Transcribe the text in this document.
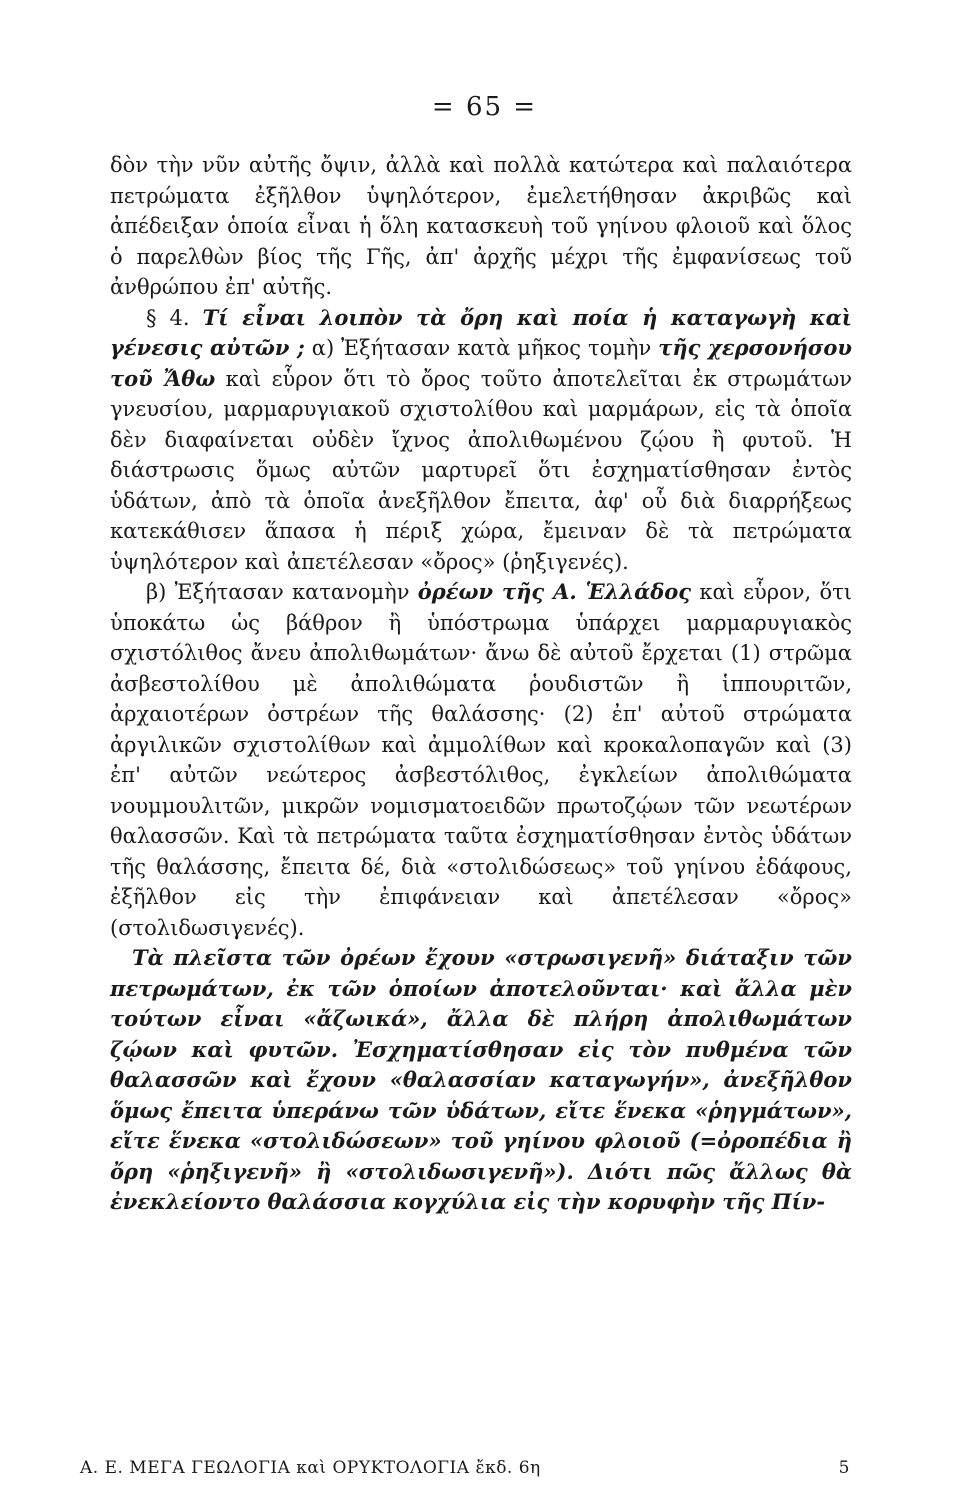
= 65 =

δὸν τὴν νῦν αὐτῆς ὄψιν, ἀλλὰ καὶ πολλὰ κατώτερα καὶ παλαιότερα πετρώματα ἐξῆλθον ὑψηλότερον, ἐμελετήθησαν ἀκριβῶς καὶ ἀπέδειξαν ὁποία εἶναι ἡ ὅλη κατασκευὴ τοῦ γηίνου φλοιοῦ καὶ ὅλος ὁ παρελθὼν βίος τῆς Γῆς, ἀπ' ἀρχῆς μέχρι τῆς ἐμφανίσεως τοῦ ἀνθρώπου ἐπ' αὐτῆς.

§ 4. Τί εἶναι λοιπὸν τὰ ὄρη καὶ ποία ἡ καταγωγὴ καὶ γένεσις αὐτῶν ; α) Ἐξήτασαν κατὰ μῆκος τομὴν τῆς χερσονήσου τοῦ Ἄθω καὶ εὗρον ὅτι τὸ ὄρος τοῦτο ἀποτελεῖται ἐκ στρωμάτων γνευσίου, μαρμαρυγιακοῦ σχιστολίθου καὶ μαρμάρων, εἰς τὰ ὁποῖα δὲν διαφαίνεται οὐδὲν ἴχνος ἀπολιθωμένου ζῴου ἢ φυτοῦ. Ἡ διάστρωσις ὅμως αὐτῶν μαρτυρεῖ ὅτι ἐσχηματίσθησαν ἐντὸς ὑδάτων, ἀπὸ τὰ ὁποῖα ἀνεξῆλθον ἔπειτα, ἀφ' οὗ διὰ διαρρήξεως κατεκάθισεν ἅπασα ἡ πέριξ χώρα, ἔμειναν δὲ τὰ πετρώματα ὑψηλότερον καὶ ἀπετέλεσαν «ὄρος» (ῥηξιγενές).

β) Ἐξήτασαν κατανομὴν ὀρέων τῆς Α. Ἑλλάδος καὶ εὗρον, ὅτι ὑποκάτω ὡς βάθρον ἢ ὑπόστρωμα ὑπάρχει μαρμαρυγιακὸς σχιστόλιθος ἄνευ ἀπολιθωμάτων· ἄνω δὲ αὐτοῦ ἔρχεται (1) στρῶμα ἀσβεστολίθου μὲ ἀπολιθώματα ῥουδιστῶν ἢ ἱππουριτῶν, ἀρχαιοτέρων ὀστρέων τῆς θαλάσσης· (2) ἐπ' αὐτοῦ στρώματα ἀργιλικῶν σχιστολίθων καὶ ἀμμολίθων καὶ κροκαλοπαγῶν καὶ (3) ἐπ' αὐτῶν νεώτερος ἀσβεστόλιθος, ἐγκλείων ἀπολιθώματα νουμμουλιτῶν, μικρῶν νομισματοειδῶν πρωτοζῴων τῶν νεωτέρων θαλασσῶν. Καὶ τὰ πετρώματα ταῦτα ἐσχηματίσθησαν ἐντὸς ὑδάτων τῆς θαλάσσης, ἔπειτα δέ, διὰ «στολιδώσεως» τοῦ γηίνου ἐδάφους, ἐξῆλθον εἰς τὴν ἐπιφάνειαν καὶ ἀπετέλεσαν «ὄρος» (στολιδωσιγενές).

Τὰ πλεῖστα τῶν ὀρέων ἔχουν «στρωσιγενῆ» διάταξιν τῶν πετρωμάτων, ἐκ τῶν ὁποίων ἀποτελοῦνται· καὶ ἄλλα μὲν τούτων εἶναι «ἄζωικά», ἄλλα δὲ πλήρη ἀπολιθωμάτων ζῴων καὶ φυτῶν. Ἐσχηματίσθησαν εἰς τὸν πυθμένα τῶν θαλασσῶν καὶ ἔχουν «θαλασσίαν καταγωγήν», ἀνεξῆλθον ὅμως ἔπειτα ὑπεράνω τῶν ὑδάτων, εἴτε ἕνεκα «ῥηγμάτων», εἴτε ἕνεκα «στολιδώσεων» τοῦ γηίνου φλοιοῦ (=ὀροπέδια ἢ ὄρη «ῥηξιγενῆ» ἢ «στολιδωσιγενῆ»). Διότι πῶς ἄλλως θὰ ἐνεκλείοντο θαλάσσια κογχύλια εἰς τὴν κορυφὴν τῆς Πίν-

Α. Ε. ΜΕΓΑ ΓΕΩΛΟΓΙΑ καὶ ΟΡΥΚΤΟΛΟΓΙΑ ἔκδ. 6η	5
